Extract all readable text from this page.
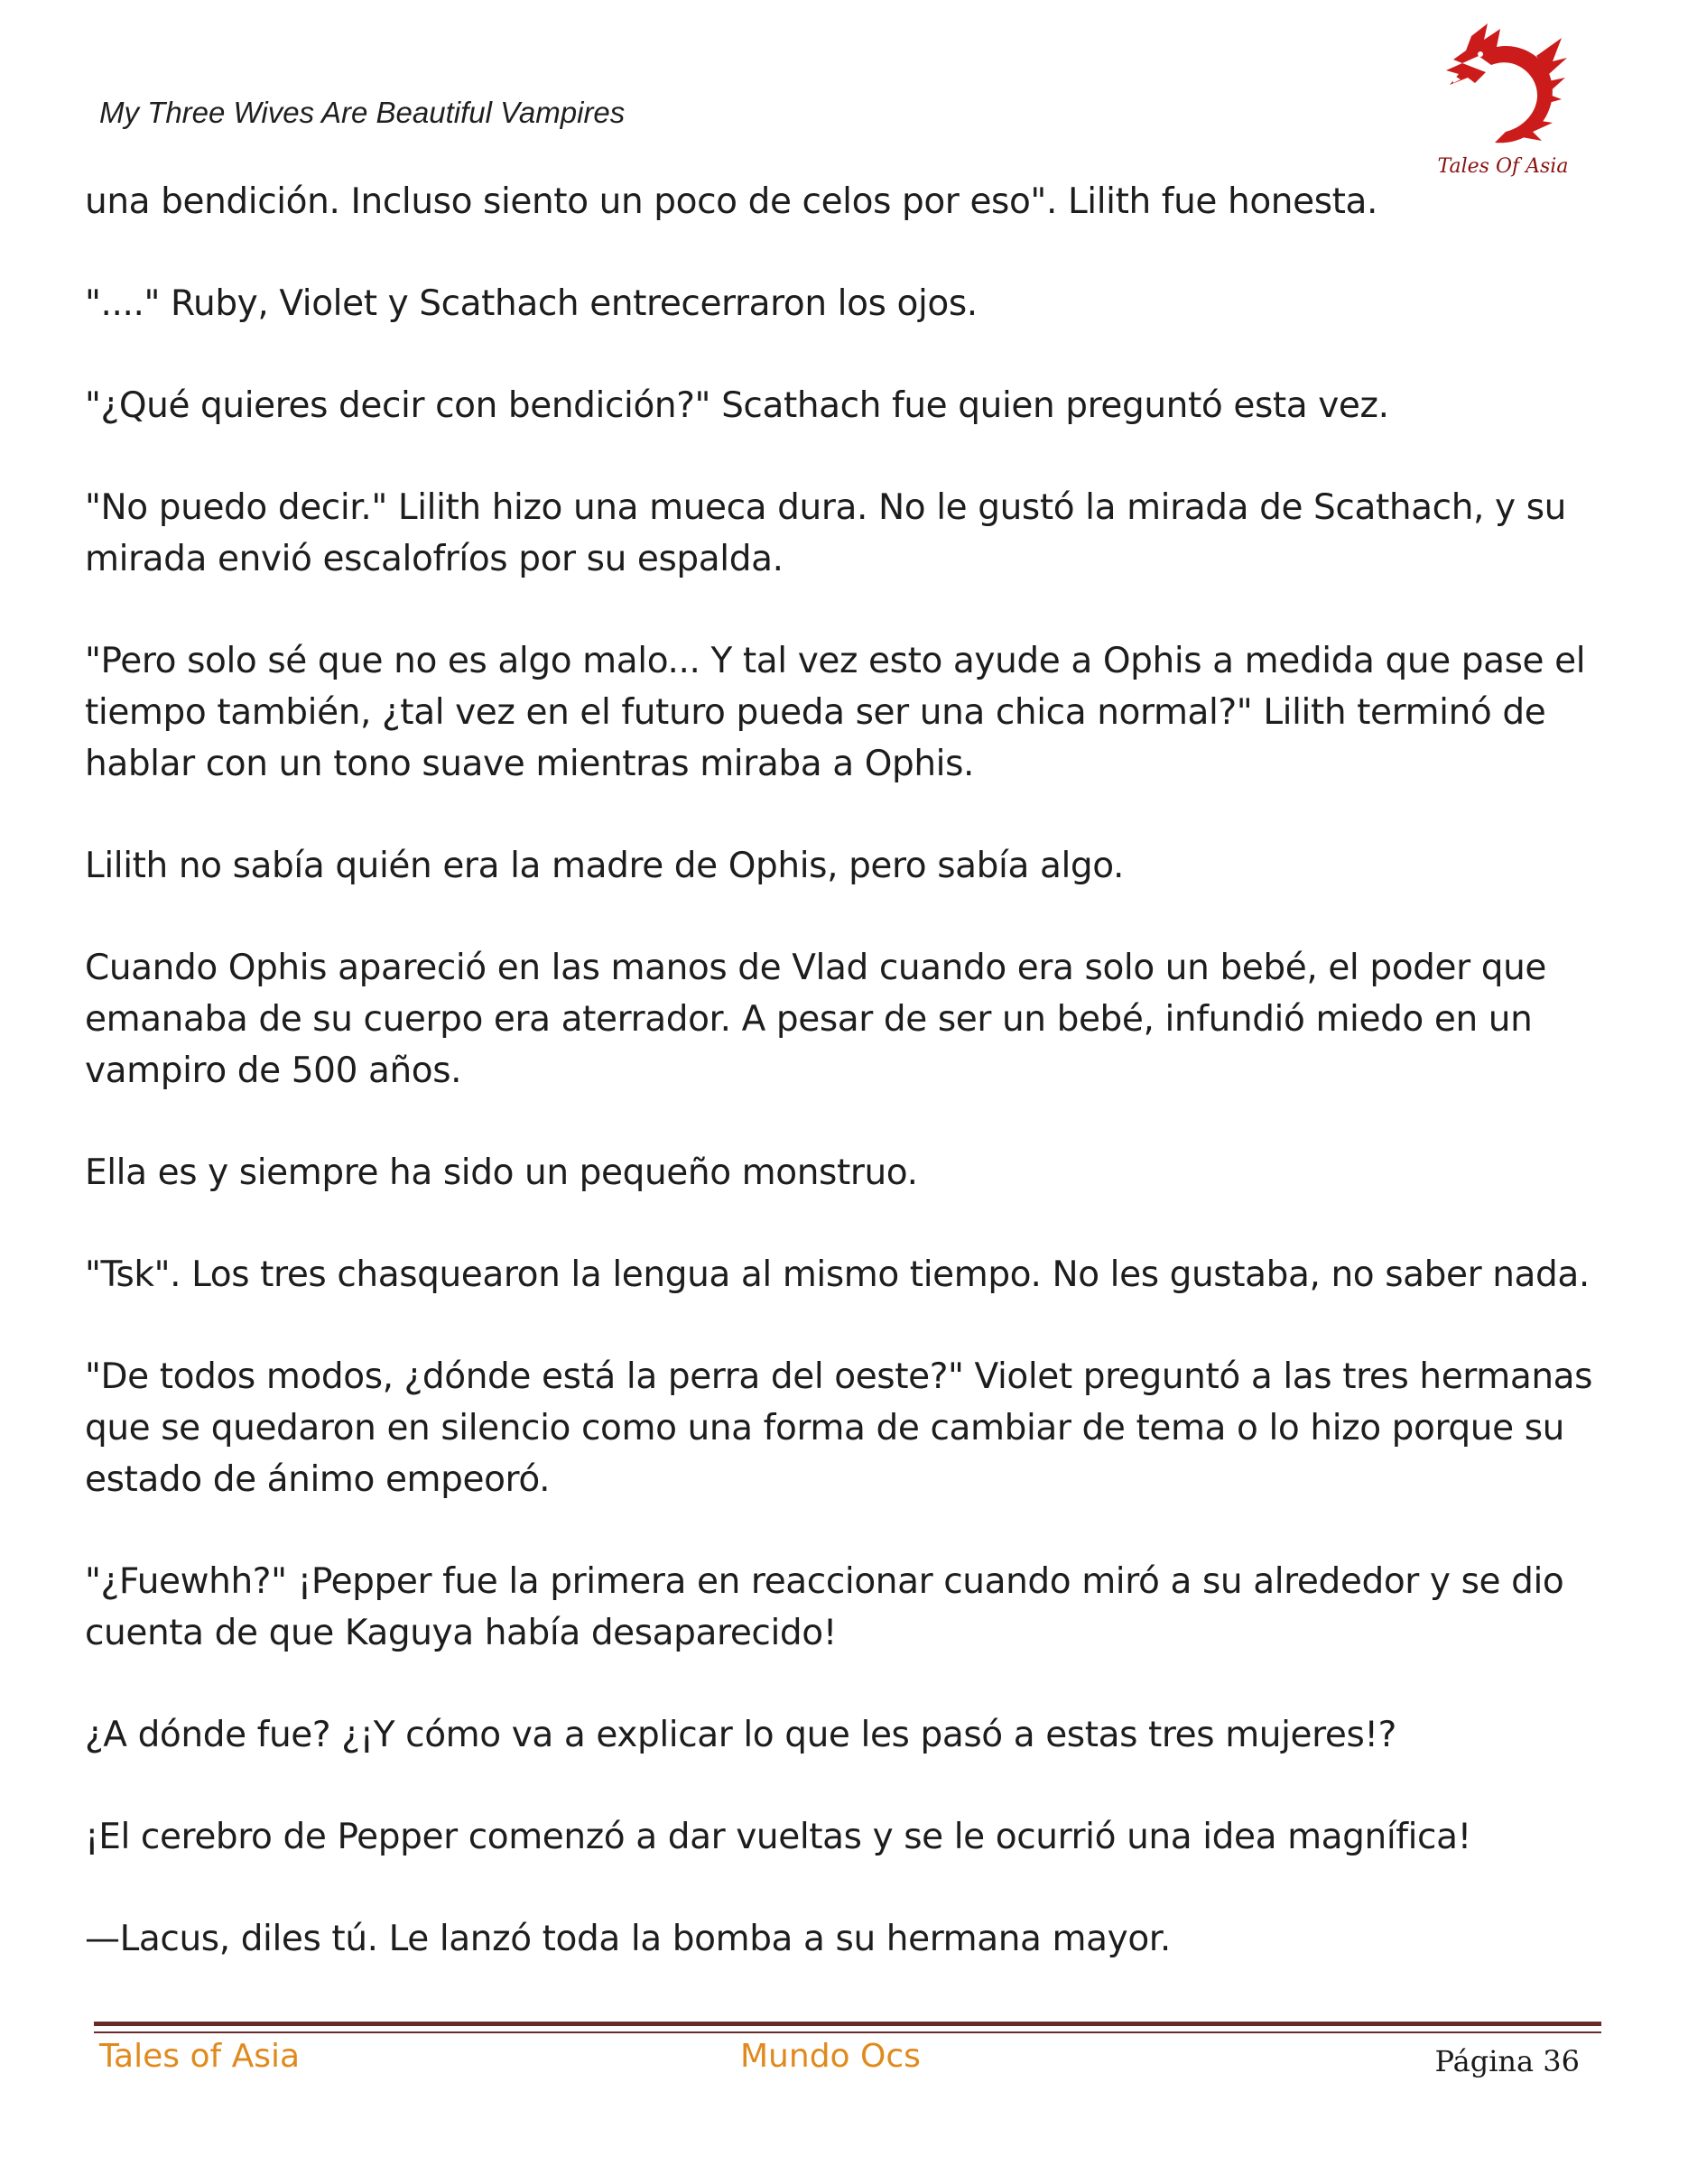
My Three Wives Are Beautiful Vampires
Tales Of Asia

una bendición. Incluso siento un poco de celos por eso". Lilith fue honesta.

"...." Ruby, Violet y Scathach entrecerraron los ojos.

"¿Qué quieres decir con bendición?" Scathach fue quien preguntó esta vez.

"No puedo decir." Lilith hizo una mueca dura. No le gustó la mirada de Scathach, y su mirada envió escalofríos por su espalda.

"Pero solo sé que no es algo malo... Y tal vez esto ayude a Ophis a medida que pase el tiempo también, ¿tal vez en el futuro pueda ser una chica normal?" Lilith terminó de hablar con un tono suave mientras miraba a Ophis.

Lilith no sabía quién era la madre de Ophis, pero sabía algo.

Cuando Ophis apareció en las manos de Vlad cuando era solo un bebé, el poder que emanaba de su cuerpo era aterrador. A pesar de ser un bebé, infundió miedo en un vampiro de 500 años.

Ella es y siempre ha sido un pequeño monstruo.

"Tsk". Los tres chasquearon la lengua al mismo tiempo. No les gustaba, no saber nada.

"De todos modos, ¿dónde está la perra del oeste?" Violet preguntó a las tres hermanas que se quedaron en silencio como una forma de cambiar de tema o lo hizo porque su estado de ánimo empeoró.

"¿Fuewhh?" ¡Pepper fue la primera en reaccionar cuando miró a su alrededor y se dio cuenta de que Kaguya había desaparecido!

¿A dónde fue? ¿¡Y cómo va a explicar lo que les pasó a estas tres mujeres!?

¡El cerebro de Pepper comenzó a dar vueltas y se le ocurrió una idea magnífica!

—Lacus, diles tú. Le lanzó toda la bomba a su hermana mayor.

Tales of Asia	Mundo Ocs	Página 36
